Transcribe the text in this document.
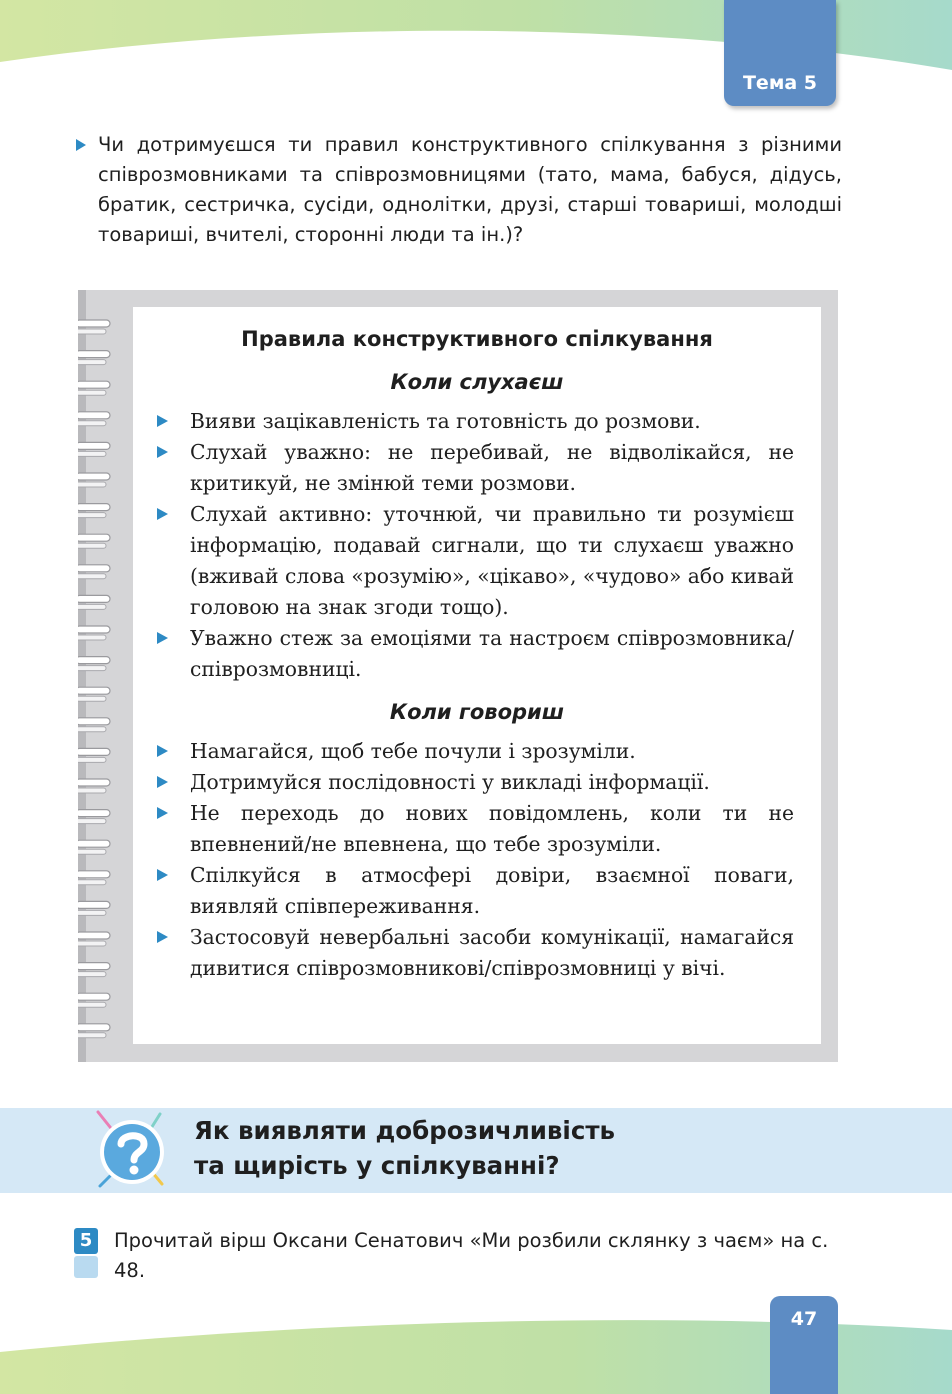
Тема 5
Чи дотримуєшся ти правил конструктивного спілкування з різними співрозмовниками та співрозмовницями (тато, мама, бабуся, дідусь, братик, сестричка, сусіди, однолітки, друзі, старші товариші, молодші товариші, вчителі, сторонні люди та ін.)?
Правила конструктивного спілкування
Коли слухаєш
Вияви зацікавленість та готовність до розмови.
Слухай уважно: не перебивай, не відволікайся, не критикуй, не змінюй теми розмови.
Слухай активно: уточнюй, чи правильно ти розумієш інформацію, подавай сигнали, що ти слухаєш уважно (вживай слова «розумію», «цікаво», «чудово» або кивай головою на знак згоди тощо).
Уважно стеж за емоціями та настроєм співрозмовника/співрозмовниці.
Коли говориш
Намагайся, щоб тебе почули і зрозуміли.
Дотримуйся послідовності у викладі інформації.
Не переходь до нових повідомлень, коли ти не впевнений/не впевнена, що тебе зрозуміли.
Спілкуйся в атмосфері довіри, взаємної поваги, виявляй співпереживання.
Застосовуй невербальні засоби комунікації, намагайся дивитися співрозмовникові/співрозмовниці у вічі.
Як виявляти доброзичливість
та щирість у спілкуванні?
5 Прочитай вірш Оксани Сенатович «Ми розбили склянку з чаєм» на с. 48.
47
